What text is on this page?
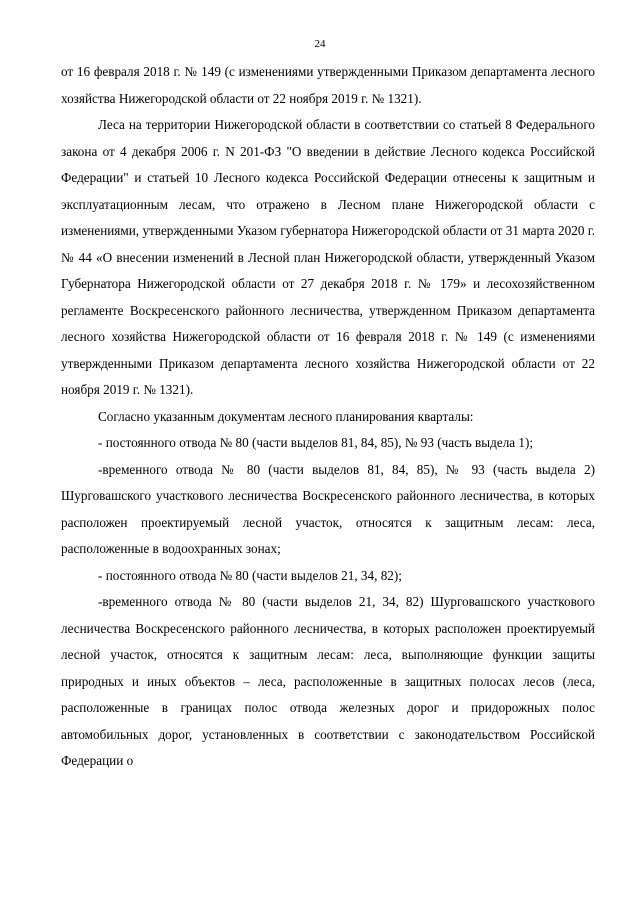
24

от 16 февраля 2018 г. № 149 (с изменениями утвержденными Приказом департамента лесного хозяйства Нижегородской области от 22 ноября 2019 г. № 1321).

Леса на территории Нижегородской области в соответствии со статьей 8 Федерального закона от 4 декабря 2006 г. N 201-ФЗ "О введении в действие Лесного кодекса Российской Федерации" и статьей 10 Лесного кодекса Российской Федерации отнесены к защитным и эксплуатационным лесам, что отражено в Лесном плане Нижегородской области с изменениями, утвержденными Указом губернатора Нижегородской области от 31 марта 2020 г. № 44 «О внесении изменений в Лесной план Нижегородской области, утвержденный Указом Губернатора Нижегородской области от 27 декабря 2018 г. № 179» и лесохозяйственном регламенте Воскресенского районного лесничества, утвержденном Приказом департамента лесного хозяйства Нижегородской области от 16 февраля 2018 г. № 149 (с изменениями утвержденными Приказом департамента лесного хозяйства Нижегородской области от 22 ноября 2019 г. № 1321).

Согласно указанным документам лесного планирования кварталы:

- постоянного отвода № 80 (части выделов 81, 84, 85), № 93 (часть выдела 1);

-временного отвода № 80 (части выделов 81, 84, 85), № 93 (часть выдела 2) Шурговашского участкового лесничества Воскресенского районного лесничества, в которых расположен проектируемый лесной участок, относятся к защитным лесам: леса, расположенные в водоохранных зонах;

- постоянного отвода № 80 (части выделов 21, 34, 82);

-временного отвода № 80 (части выделов 21, 34, 82) Шурговашского участкового лесничества Воскресенского районного лесничества, в которых расположен проектируемый лесной участок, относятся к защитным лесам: леса, выполняющие функции защиты природных и иных объектов – леса, расположенные в защитных полосах лесов (леса, расположенные в границах полос отвода железных дорог и придорожных полос автомобильных дорог, установленных в соответствии с законодательством Российской Федерации о
